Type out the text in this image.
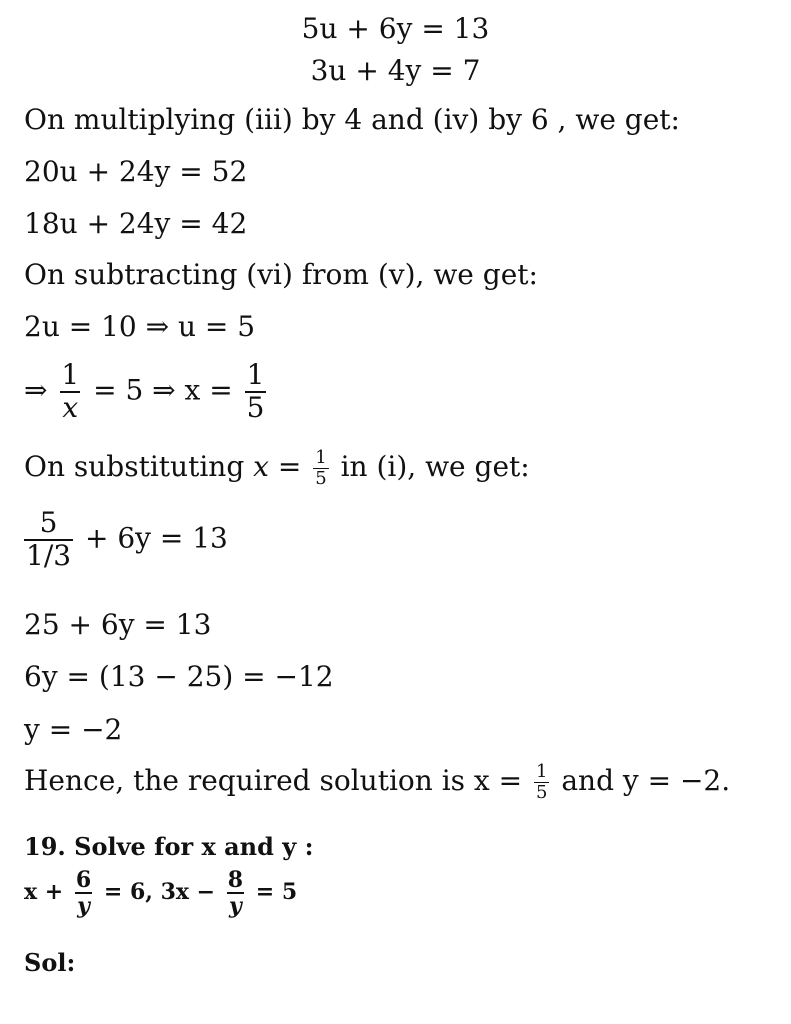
5u + 6y = 13
3u + 4y = 7
On multiplying (iii) by 4 and (iv) by 6 , we get:
20u + 24y = 52
18u + 24y = 42
On subtracting (vi) from (v), we get:
2u = 10 ⇒ u = 5
⇒ $\frac{1}{x} = 5$ ⇒ $x = \frac{1}{5}$
On substituting $x = \frac{1}{5}$ in (i), we get:
$\frac{5}{1/3} + 6y = 13$
25 + 6y = 13
6y = (13 − 25) = −12
y = −2
Hence, the required solution is $x = \frac{1}{5}$ and y = −2.
19. Solve for x and y :
$x + \frac{6}{y} = 6$, $3x - \frac{8}{y} = 5$
Sol:
